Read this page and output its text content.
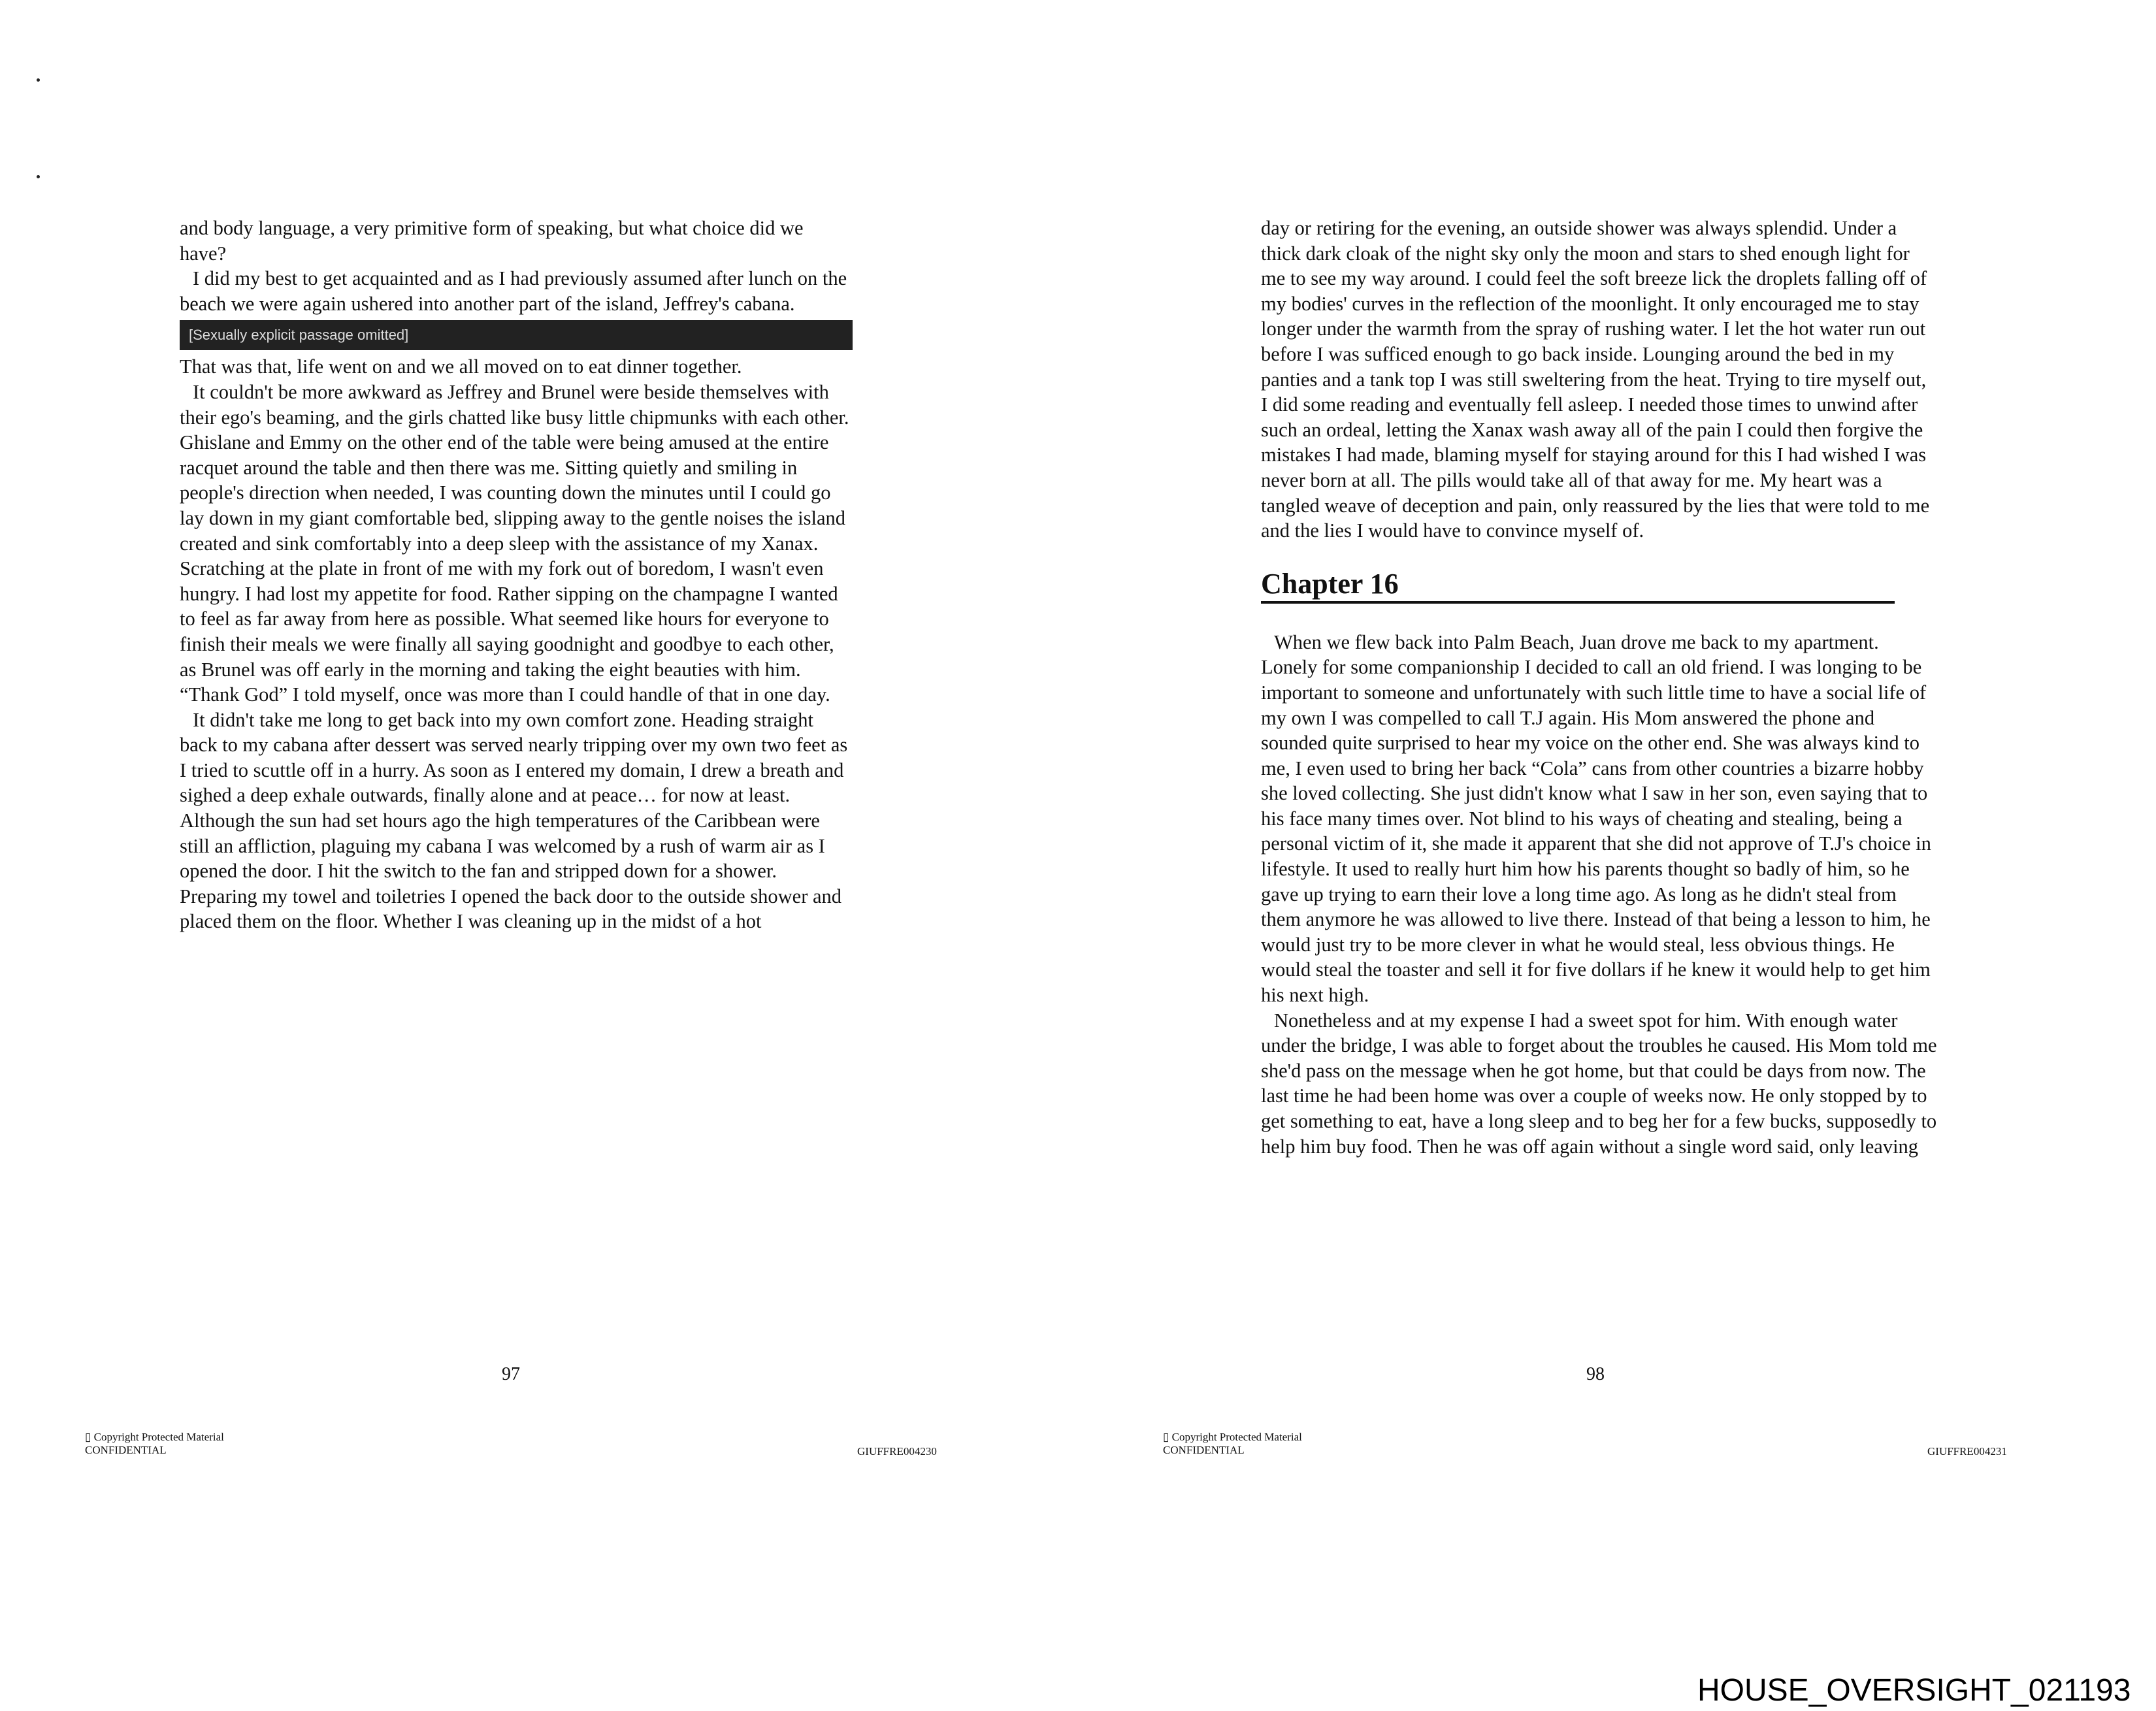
and body language, a very primitive form of speaking, but what choice did we have?

I did my best to get acquainted and as I had previously assumed after lunch on the beach we were again ushered into another part of the island, Jeffrey's cabana.

[Sexually explicit passage omitted]

That was that, life went on and we all moved on to eat dinner together.

It couldn't be more awkward as Jeffrey and Brunel were beside themselves with their ego's beaming, and the girls chatted like busy little chipmunks with each other. Ghislane and Emmy on the other end of the table were being amused at the entire racquet around the table and then there was me. Sitting quietly and smiling in people's direction when needed, I was counting down the minutes until I could go lay down in my giant comfortable bed, slipping away to the gentle noises the island created and sink comfortably into a deep sleep with the assistance of my Xanax. Scratching at the plate in front of me with my fork out of boredom, I wasn't even hungry. I had lost my appetite for food. Rather sipping on the champagne I wanted to feel as far away from here as possible. What seemed like hours for everyone to finish their meals we were finally all saying goodnight and goodbye to each other, as Brunel was off early in the morning and taking the eight beauties with him. “Thank God” I told myself, once was more than I could handle of that in one day.

It didn't take me long to get back into my own comfort zone. Heading straight back to my cabana after dessert was served nearly tripping over my own two feet as I tried to scuttle off in a hurry. As soon as I entered my domain, I drew a breath and sighed a deep exhale outwards, finally alone and at peace… for now at least. Although the sun had set hours ago the high temperatures of the Caribbean were still an affliction, plaguing my cabana I was welcomed by a rush of warm air as I opened the door. I hit the switch to the fan and stripped down for a shower. Preparing my towel and toiletries I opened the back door to the outside shower and placed them on the floor. Whether I was cleaning up in the midst of a hot

97
▯ Copyright Protected Material
CONFIDENTIAL	GIUFFRE004230

day or retiring for the evening, an outside shower was always splendid. Under a thick dark cloak of the night sky only the moon and stars to shed enough light for me to see my way around. I could feel the soft breeze lick the droplets falling off of my bodies' curves in the reflection of the moonlight. It only encouraged me to stay longer under the warmth from the spray of rushing water. I let the hot water run out before I was sufficed enough to go back inside. Lounging around the bed in my panties and a tank top I was still sweltering from the heat. Trying to tire myself out, I did some reading and eventually fell asleep. I needed those times to unwind after such an ordeal, letting the Xanax wash away all of the pain I could then forgive the mistakes I had made, blaming myself for staying around for this I had wished I was never born at all. The pills would take all of that away for me. My heart was a tangled weave of deception and pain, only reassured by the lies that were told to me and the lies I would have to convince myself of.

Chapter 16

When we flew back into Palm Beach, Juan drove me back to my apartment. Lonely for some companionship I decided to call an old friend. I was longing to be important to someone and unfortunately with such little time to have a social life of my own I was compelled to call T.J again. His Mom answered the phone and sounded quite surprised to hear my voice on the other end. She was always kind to me, I even used to bring her back “Cola” cans from other countries a bizarre hobby she loved collecting. She just didn't know what I saw in her son, even saying that to his face many times over. Not blind to his ways of cheating and stealing, being a personal victim of it, she made it apparent that she did not approve of T.J's choice in lifestyle. It used to really hurt him how his parents thought so badly of him, so he gave up trying to earn their love a long time ago. As long as he didn't steal from them anymore he was allowed to live there. Instead of that being a lesson to him, he would just try to be more clever in what he would steal, less obvious things. He would steal the toaster and sell it for five dollars if he knew it would help to get him his next high.

Nonetheless and at my expense I had a sweet spot for him. With enough water under the bridge, I was able to forget about the troubles he caused. His Mom told me she'd pass on the message when he got home, but that could be days from now. The last time he had been home was over a couple of weeks now. He only stopped by to get something to eat, have a long sleep and to beg her for a few bucks, supposedly to help him buy food. Then he was off again without a single word said, only leaving

98
▯ Copyright Protected Material
CONFIDENTIAL	GIUFFRE004231
HOUSE_OVERSIGHT_021193
